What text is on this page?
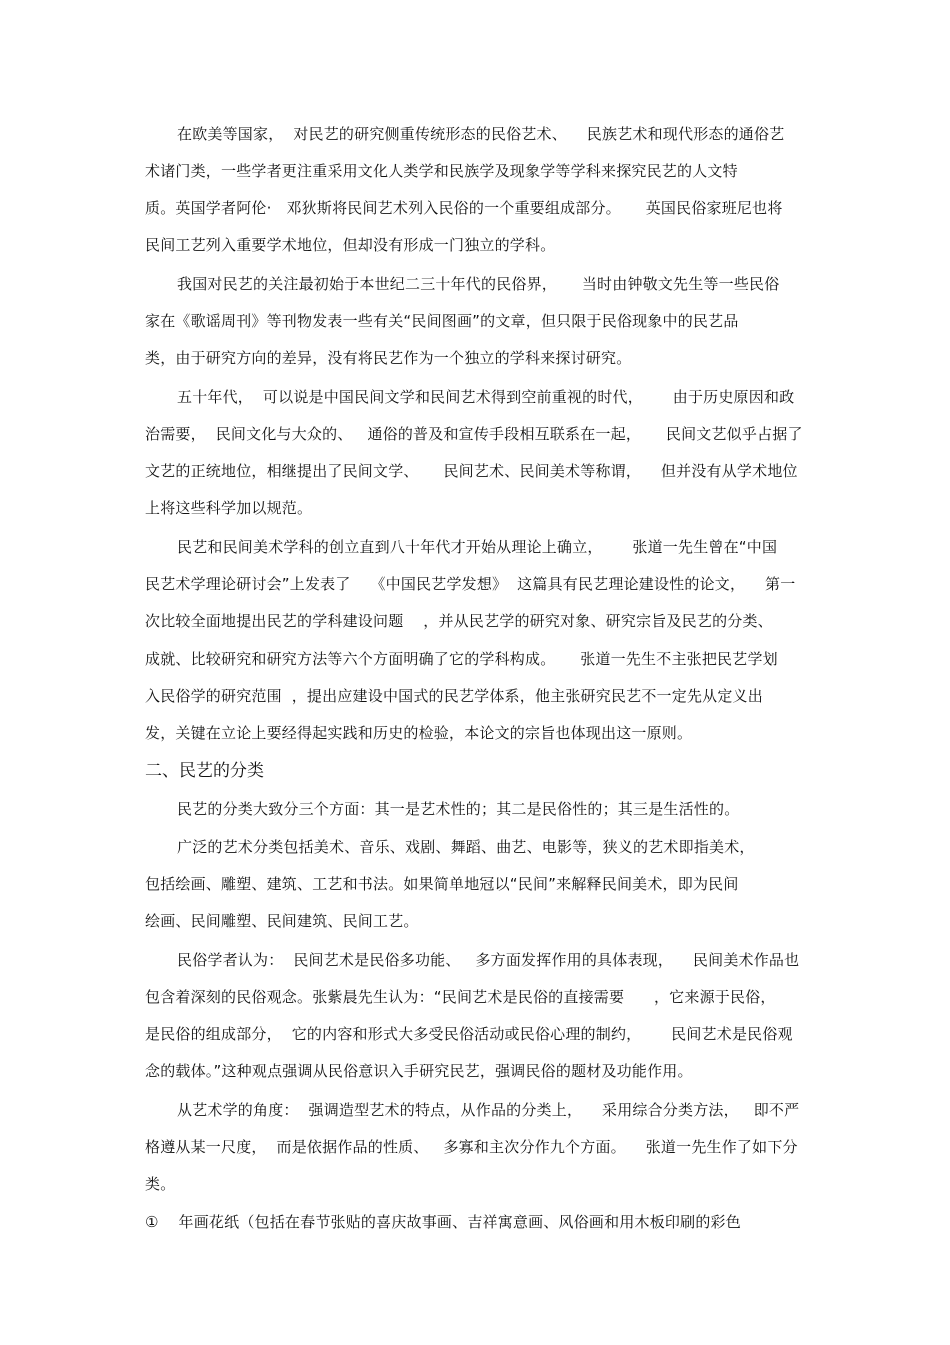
在欧美等国家，  对民艺的研究侧重传统形态的民俗艺术、    民族艺术和现代形态的通俗艺
术诸门类，一些学者更注重采用文化人类学和民族学及现象学等学科来探究民艺的人文特
质。英国学者阿伦·   邓狄斯将民间艺术列入民俗的一个重要组成部分。     英国民俗家班尼也将
民间工艺列入重要学术地位，但却没有形成一门独立的学科。
我国对民艺的关注最初始于本世纪二三十年代的民俗界，     当时由钟敬文先生等一些民俗
家在《歌谣周刊》等刊物发表一些有关“民间图画”的文章，但只限于民俗现象中的民艺品
类，由于研究方向的差异，没有将民艺作为一个独立的学科来探讨研究。
五十年代，  可以说是中国民间文学和民间艺术得到空前重视的时代，      由于历史原因和政
治需要，  民间文化与大众的、   通俗的普及和宣传手段相互联系在一起，     民间文艺似乎占据了
文艺的正统地位，相继提出了民间文学、     民间艺术、民间美术等称谓，    但并没有从学术地位
上将这些科学加以规范。
民艺和民间美术学科的创立直到八十年代才开始从理论上确立，      张道一先生曾在“中国
民艺术学理论研讨会”上发表了    《中国民艺学发想》  这篇具有民艺理论建设性的论文，    第一
次比较全面地提出民艺的学科建设问题    ，并从民艺学的研究对象、研究宗旨及民艺的分类、
成就、比较研究和研究方法等六个方面明确了它的学科构成。     张道一先生不主张把民艺学划
入民俗学的研究范围  ，提出应建设中国式的民艺学体系，他主张研究民艺不一定先从定义出
发，关键在立论上要经得起实践和历史的检验，本论文的宗旨也体现出这一原则。
二、民艺的分类
民艺的分类大致分三个方面：其一是艺术性的；其二是民俗性的；其三是生活性的。
广泛的艺术分类包括美术、音乐、戏剧、舞蹈、曲艺、电影等，狭义的艺术即指美术，
包括绘画、雕塑、建筑、工艺和书法。如果简单地冠以“民间”来解释民间美术，即为民间
绘画、民间雕塑、民间建筑、民间工艺。
民俗学者认为：  民间艺术是民俗多功能、   多方面发挥作用的具体表现，    民间美术作品也
包含着深刻的民俗观念。张紫晨先生认为：“民间艺术是民俗的直接需要      ，它来源于民俗，
是民俗的组成部分，  它的内容和形式大多受民俗活动或民俗心理的制约，      民间艺术是民俗观
念的载体。”这种观点强调从民俗意识入手研究民艺，强调民俗的题材及功能作用。
从艺术学的角度：  强调造型艺术的特点，从作品的分类上，    采用综合分类方法，   即不严
格遵从某一尺度，  而是依据作品的性质、   多寡和主次分作九个方面。    张道一先生作了如下分
类。
①    年画花纸（包括在春节张贴的喜庆故事画、吉祥寓意画、风俗画和用木板印刷的彩色
